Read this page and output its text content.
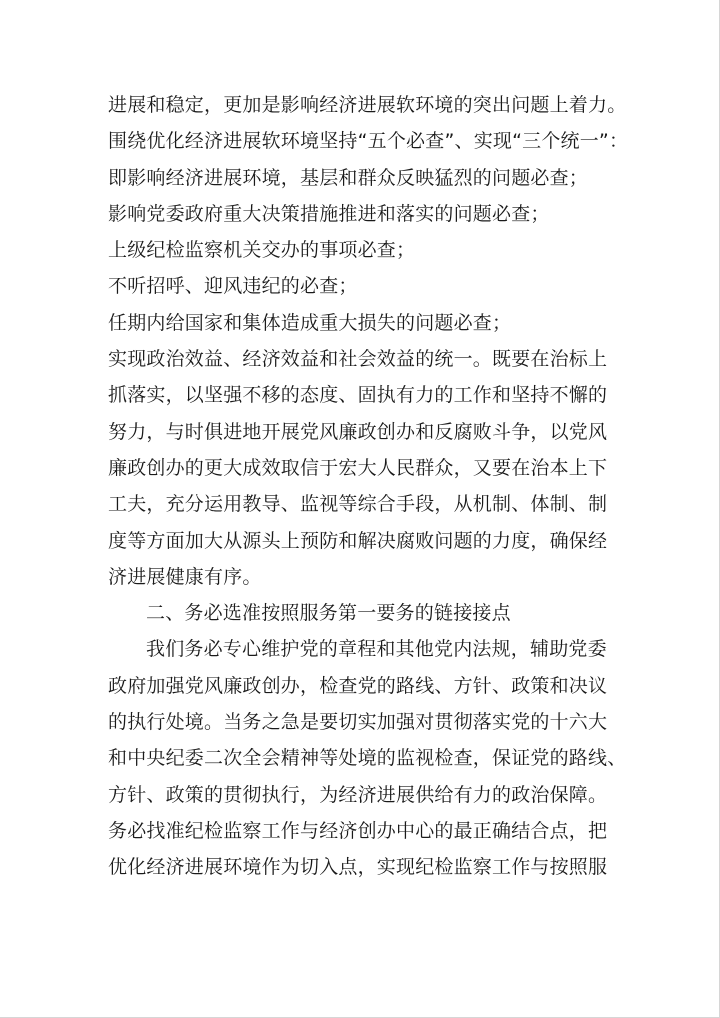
进展和稳定，更加是影响经济进展软环境的突出问题上着力。
围绕优化经济进展软环境坚持“五个必查”、实现“三个统一”：
即影响经济进展环境，基层和群众反映猛烈的问题必查；
影响党委政府重大决策措施推进和落实的问题必查；
上级纪检监察机关交办的事项必查；
不听招呼、迎风违纪的必查；
任期内给国家和集体造成重大损失的问题必查；
实现政治效益、经济效益和社会效益的统一。既要在治标上
抓落实，以坚强不移的态度、固执有力的工作和坚持不懈的
努力，与时俱进地开展党风廉政创办和反腐败斗争，以党风
廉政创办的更大成效取信于宏大人民群众，又要在治本上下
工夫，充分运用教导、监视等综合手段，从机制、体制、制
度等方面加大从源头上预防和解决腐败问题的力度，确保经
济进展健康有序。
二、务必选准按照服务第一要务的链接接点
我们务必专心维护党的章程和其他党内法规，辅助党委
政府加强党风廉政创办，检查党的路线、方针、政策和决议
的执行处境。当务之急是要切实加强对贯彻落实党的十六大
和中央纪委二次全会精神等处境的监视检查，保证党的路线、
方针、政策的贯彻执行，为经济进展供给有力的政治保障。
务必找准纪检监察工作与经济创办中心的最正确结合点，把
优化经济进展环境作为切入点，实现纪检监察工作与按照服
